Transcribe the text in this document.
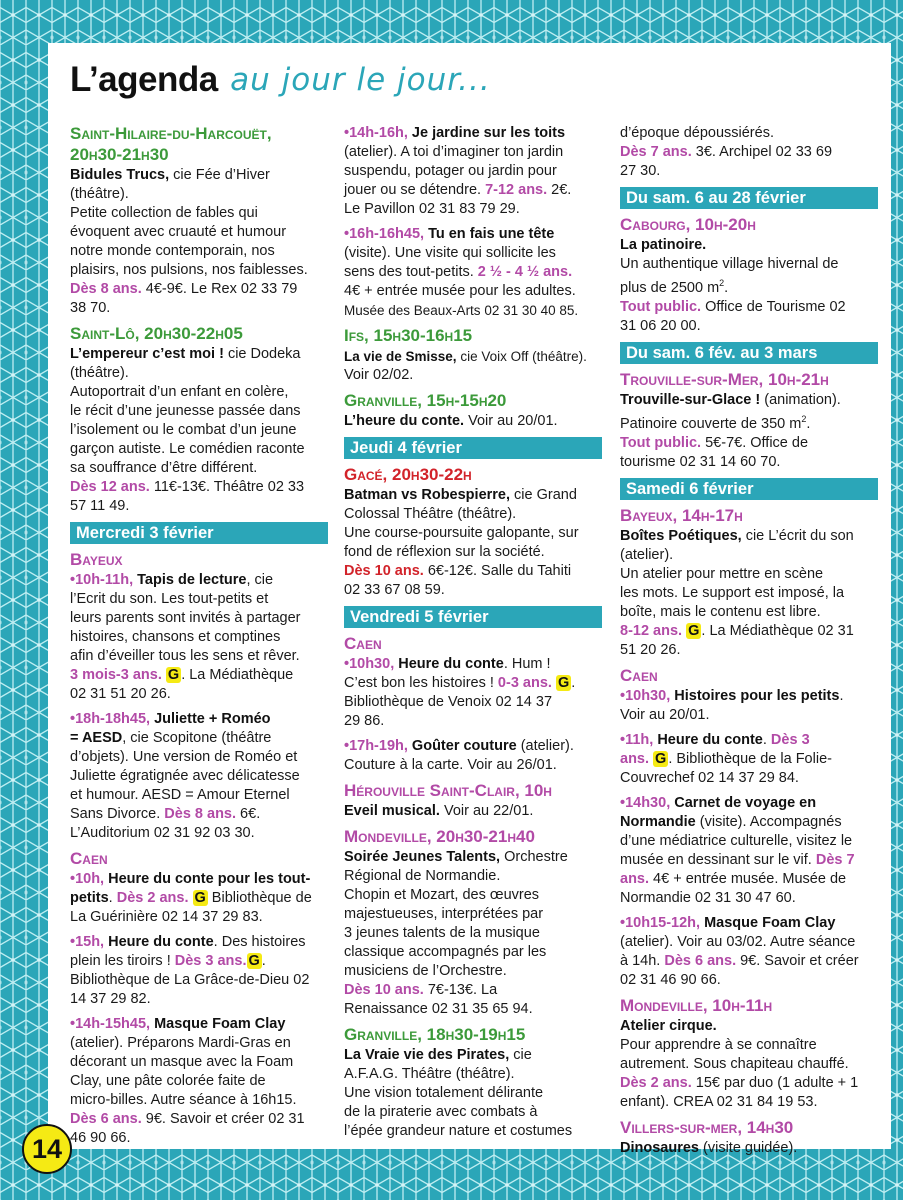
L’agenda au jour le jour...

Saint-Hilaire-du-Harcouët,
20h30-21h30

Bidules Trucs, cie Fée d’Hiver

(théâtre).

Petite collection de fables qui

évoquent avec cruauté et humour

notre monde contemporain, nos

plaisirs, nos pulsions, nos faiblesses.

Dès 8 ans. 4€-9€. Le Rex 02 33 79

38 70.

Saint-Lô, 20h30-22h05

L’empereur c’est moi ! cie Dodeka

(théâtre).

Autoportrait d’un enfant en colère,

le récit d’une jeunesse passée dans

l’isolement ou le combat d’un jeune

garçon autiste. Le comédien raconte

sa souffrance d’être différent.

Dès 12 ans. 11€-13€. Théâtre 02 33

57 11 49.

Mercredi 3 février

Bayeux

•10h-11h, Tapis de lecture, cie

l’Ecrit du son. Les tout-petits et

leurs parents sont invités à partager

histoires, chansons et comptines

afin d’éveiller tous les sens et rêver.

3 mois-3 ans. G . La Médiathèque

02 31 51 20 26.

•18h-18h45, Juliette + Roméo

= AESD, cie Scopitone (théâtre

d’objets). Une version de Roméo et

Juliette égratignée avec délicatesse

et humour. AESD = Amour Eternel

Sans Divorce. Dès 8 ans. 6€.

L’Auditorium 02 31 92 03 30.

Caen

•10h, Heure du conte pour les tout-

petits. Dès 2 ans. G Bibliothèque de

La Guérinière 02 14 37 29 83.

•15h, Heure du conte. Des histoires

plein les tiroirs ! Dès 3 ans. G .

Bibliothèque de La Grâce-de-Dieu 02

14 37 29 82.

•14h-15h45, Masque Foam Clay

(atelier). Préparons Mardi-Gras en

décorant un masque avec la Foam

Clay, une pâte colorée faite de

micro-billes. Autre séance à 16h15.

Dès 6 ans. 9€. Savoir et créer 02 31

46 90 66.

•14h-16h, Je jardine sur les toits

(atelier). A toi d’imaginer ton jardin

suspendu, potager ou jardin pour

jouer ou se détendre. 7-12 ans. 2€.

Le Pavillon 02 31 83 79 29.

•16h-16h45, Tu en fais une tête

(visite). Une visite qui sollicite les

sens des tout-petits. 2 ½ - 4 ½ ans.

4€ + entrée musée pour les adultes.

Musée des Beaux-Arts 02 31 30 40 85.

Ifs, 15h30-16h15

La vie de Smisse, cie Voix Off (théâtre).

Voir 02/02.

Granville, 15h-15h20

L’heure du conte. Voir au 20/01.

Jeudi 4 février

Gacé, 20h30-22h

Batman vs Robespierre, cie Grand

Colossal Théâtre (théâtre).

Une course-poursuite galopante, sur

fond de réflexion sur la société.

Dès 10 ans. 6€-12€. Salle du Tahiti

02 33 67 08 59.

Vendredi 5 février

Caen

•10h30, Heure du conte. Hum !

C’est bon les histoires ! 0-3 ans. G .

Bibliothèque de Venoix 02 14 37

29 86.

•17h-19h, Goûter couture (atelier).

Couture à la carte. Voir au 26/01.

Hérouville Saint-Clair, 10h

Eveil musical. Voir au 22/01.

Mondeville, 20h30-21h40

Soirée Jeunes Talents, Orchestre

Régional de Normandie.

Chopin et Mozart, des œuvres

majestueuses, interprétées par

3 jeunes talents de la musique

classique accompagnés par les

musiciens de l’Orchestre.

Dès 10 ans. 7€-13€. La

Renaissance 02 31 35 65 94.

Granville, 18h30-19h15

La Vraie vie des Pirates, cie

A.F.A.G. Théâtre (théâtre).

Une vision totalement délirante

de la piraterie avec combats à

l’épée grandeur nature et costumes

d’époque dépoussiérés.

Dès 7 ans. 3€. Archipel 02 33 69

27 30.

Du sam. 6 au 28 février

Cabourg, 10h-20h

La patinoire.

Un authentique village hivernal de

plus de 2500 $m^2$.

Tout public. Office de Tourisme 02

31 06 20 00.

Du sam. 6 fév. au 3 mars

Trouville-sur-Mer, 10h-21h

Trouville-sur-Glace ! (animation).

Patinoire couverte de 350 $m^2$.

Tout public. 5€-7€. Office de

tourisme 02 31 14 60 70.

Samedi 6 février

Bayeux, 14h-17h

Boîtes Poétiques, cie L’écrit du son

(atelier).

Un atelier pour mettre en scène

les mots. Le support est imposé, la

boîte, mais le contenu est libre.

8-12 ans. G . La Médiathèque 02 31

51 20 26.

Caen

•10h30, Histoires pour les petits.

Voir au 20/01.

•11h, Heure du conte. Dès 3

ans. G . Bibliothèque de la Folie-

Couvrechef 02 14 37 29 84.

•14h30, Carnet de voyage en

Normandie (visite). Accompagnés

d’une médiatrice culturelle, visitez le

musée en dessinant sur le vif. Dès 7

ans. 4€ + entrée musée. Musée de

Normandie 02 31 30 47 60.

•10h15-12h, Masque Foam Clay

(atelier). Voir au 03/02. Autre séance

à 14h. Dès 6 ans. 9€. Savoir et créer

02 31 46 90 66.

Mondeville, 10h-11h

Atelier cirque.

Pour apprendre à se connaître

autrement. Sous chapiteau chauffé.

Dès 2 ans. 15€ par duo (1 adulte + 1

enfant). CREA 02 31 84 19 53.

Villers-sur-mer, 14h30

Dinosaures (visite guidée).

14
